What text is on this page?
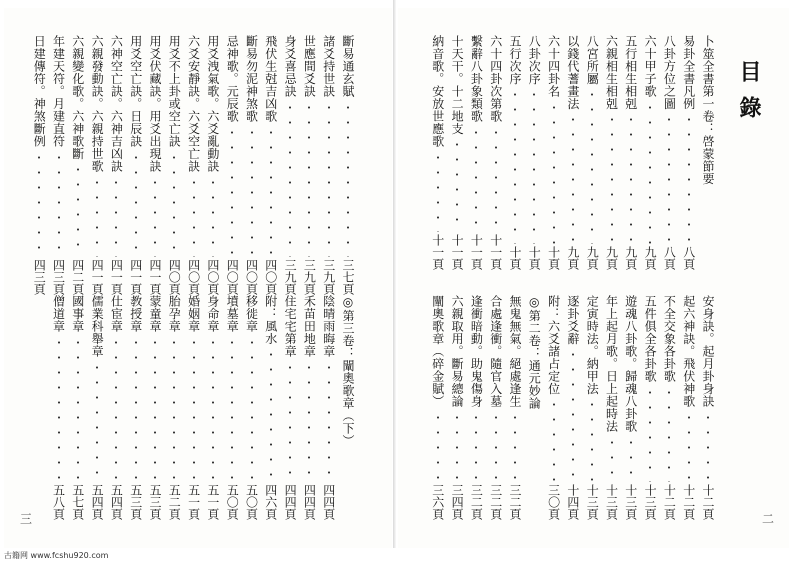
目錄
卜筮全書第一卷：啓蒙節要
易卦全書凡例
八頁
八卦方位之圖
八頁
六十甲子歌
九頁
五行相生相剋
九頁
六親相生相剋
九頁
八宮所屬
九頁
以錢代蓍畫法
九頁
六十四卦名
十頁
八卦次序
十頁
五行次序
十頁
六十四卦次第歌
十一頁
繫辭八卦象類歌
十一頁
十天干。十二地支
十一頁
納音歌。安放世應歌
十一頁
安身訣。起月卦身訣
十二頁
起六神訣。飛伏神歌
十二頁
不全交象各卦歌
十二頁
五件俱全各卦歌
十三頁
遊魂八卦歌。歸魂八卦歌
十三頁
年上起月歌。日上起時法
十三頁
定寅時法。納甲法
十三頁
逐卦爻辭
十四頁
附：六爻諸占定位
三〇頁
◎第二卷：通元妙論
無鬼無氣。絕處逢生
三二頁
合處逢衝。隨官入墓
三二頁
逢衝暗動。助鬼傷身
三二頁
六親取用。斷易總論
三四頁
闡奧歌章（碎金賦）
三六頁
斷易通玄賦
三七頁
諸爻持世訣
三九頁
世應間爻訣
三九頁
身爻喜忌訣
三九頁
飛伏生尅吉凶歌
四〇頁
斷易勿泥神煞歌
四〇頁
忌神歌。元辰歌
四〇頁
用爻洩氣歌。六爻亂動訣
四〇頁
六爻安靜訣。六爻空亡訣
四〇頁
用爻不上卦或空亡訣
四〇頁
用爻伏藏訣。用爻出現訣
四一頁
用爻空亡訣。日辰訣
四一頁
六神空亡訣。六神吉凶訣
四一頁
六親發動訣。六親持世歌
四一頁
六親變化歌。六神歌斷
四二頁
年建天符。月建直符
四三頁
日建傳符。神煞斷例
四三頁
◎第三卷：闡奧歌章（下）
陰晴雨晦章
四四頁
禾苗田地章
四四頁
住宅宅第章
四四頁
附：風水
四六頁
移徙章
五〇頁
墳墓章
五〇頁
身命章
五一頁
婚姻章
五一頁
胎孕章
五二頁
蒙童章
五三頁
教授章
五三頁
仕宦章
五四頁
儒業科舉章
五四頁
國事章
五七頁
僧道章
五八頁	二
三
古籍网 www.fcshu920.com
